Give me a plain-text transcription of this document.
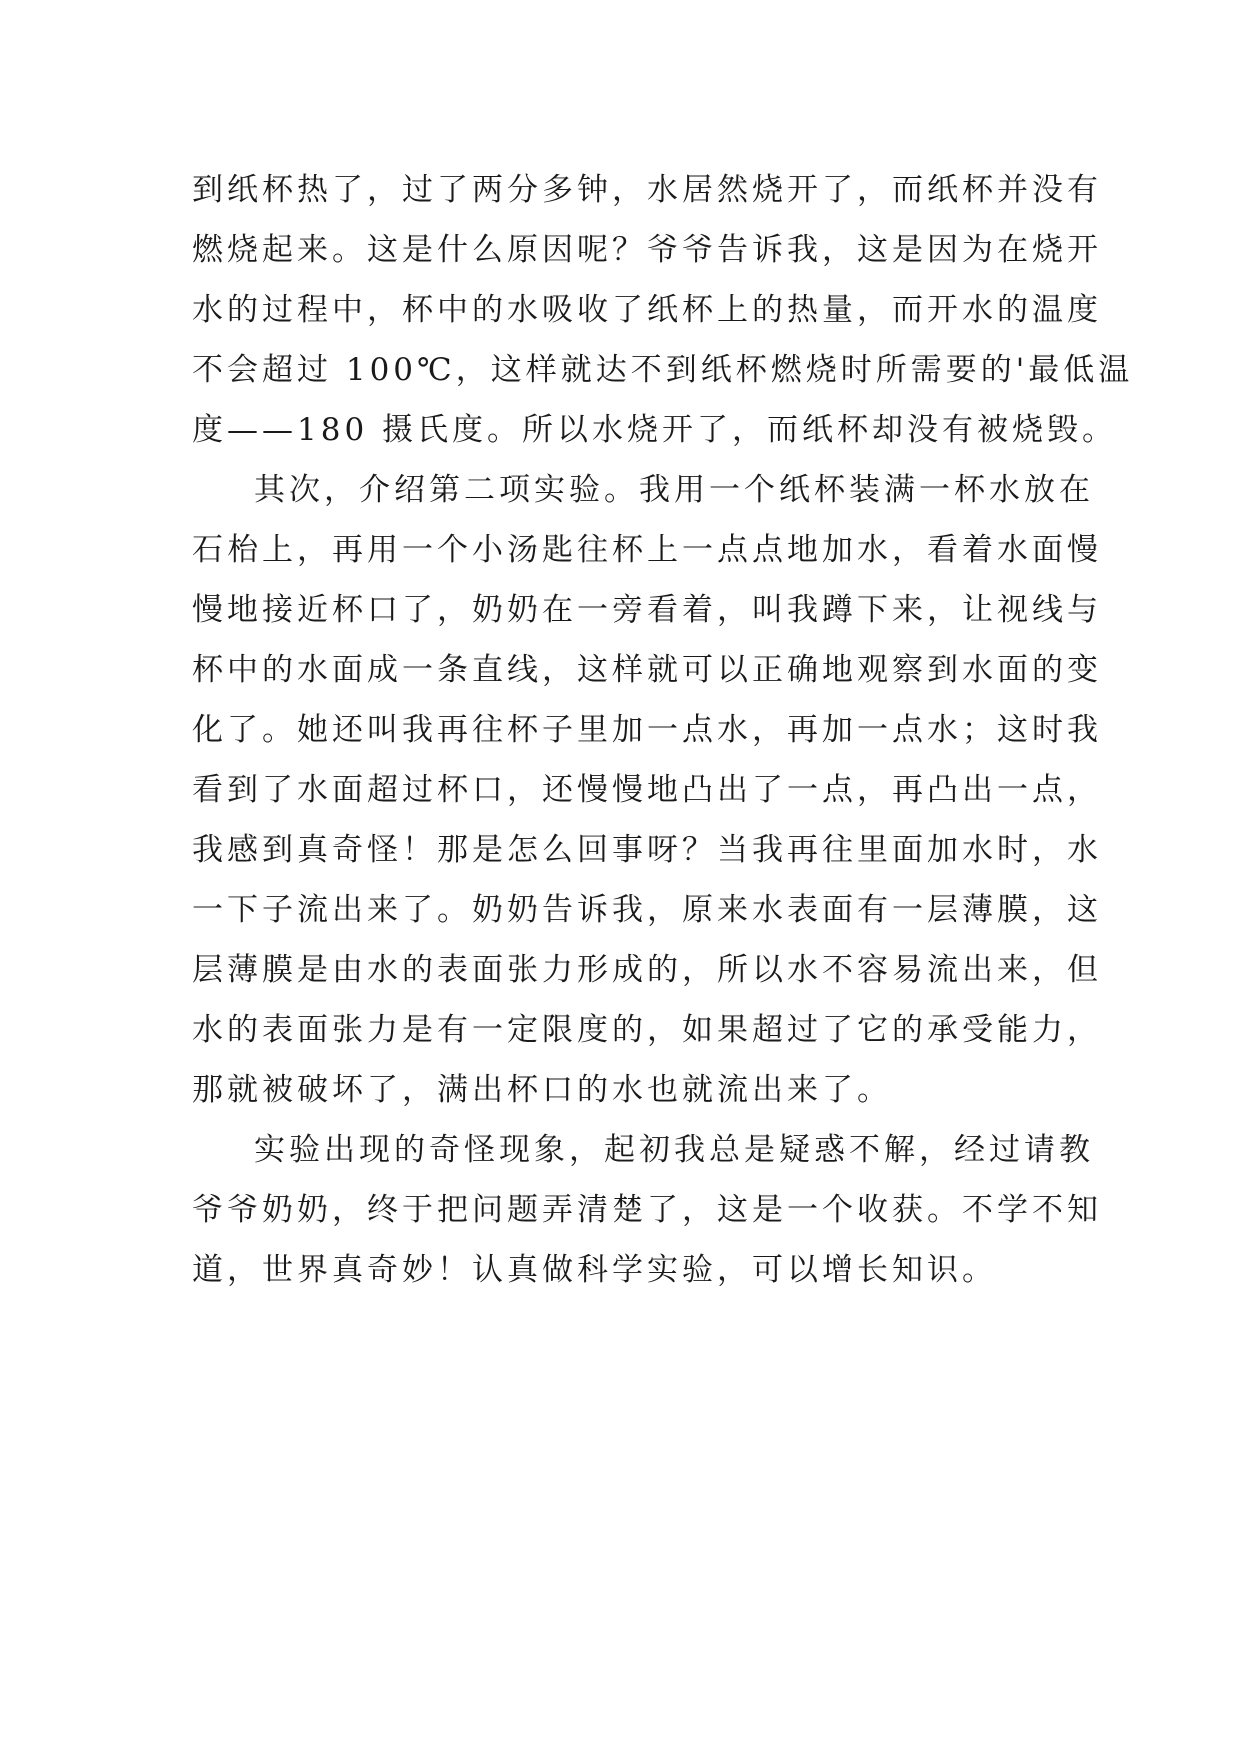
到纸杯热了，过了两分多钟，水居然烧开了，而纸杯并没有
燃烧起来。这是什么原因呢？爷爷告诉我，这是因为在烧开
水的过程中，杯中的水吸收了纸杯上的热量，而开水的温度
不会超过 100℃，这样就达不到纸杯燃烧时所需要的'最低温
度——180 摄氏度。所以水烧开了，而纸杯却没有被烧毁。
其次，介绍第二项实验。我用一个纸杯装满一杯水放在
石枱上，再用一个小汤匙往杯上一点点地加水，看着水面慢
慢地接近杯口了，奶奶在一旁看着，叫我蹲下来，让视线与
杯中的水面成一条直线，这样就可以正确地观察到水面的变
化了。她还叫我再往杯子里加一点水，再加一点水；这时我
看到了水面超过杯口，还慢慢地凸出了一点，再凸出一点，
我感到真奇怪！那是怎么回事呀？当我再往里面加水时，水
一下子流出来了。奶奶告诉我，原来水表面有一层薄膜，这
层薄膜是由水的表面张力形成的，所以水不容易流出来，但
水的表面张力是有一定限度的，如果超过了它的承受能力，
那就被破坏了，满出杯口的水也就流出来了。
实验出现的奇怪现象，起初我总是疑惑不解，经过请教
爷爷奶奶，终于把问题弄清楚了，这是一个收获。不学不知
道，世界真奇妙！认真做科学实验，可以增长知识。
